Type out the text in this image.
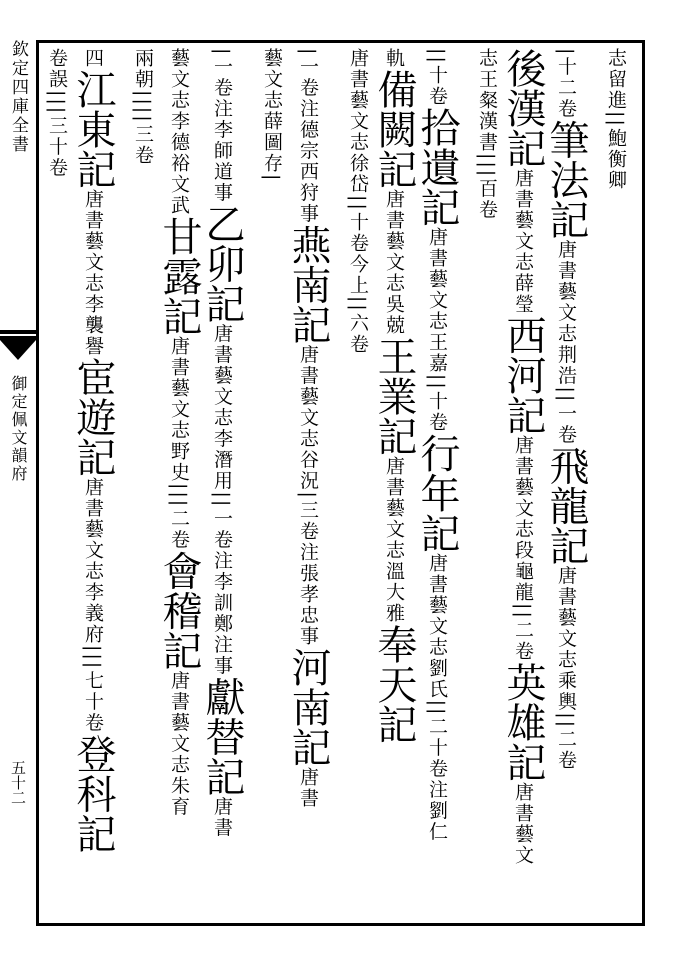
欽定四庫全書
御定佩文韻府
五十二
志留進||鮑衡卿
|十二卷筆法記唐書藝文志荆浩||一卷飛龍記唐書藝文志乘輿||二卷
後漢記唐書藝文志薛瑩西河記唐書藝文志段龜龍||二卷英雄記唐書藝文
志王粲漢書|||百卷
||十卷拾遺記唐書藝文志王嘉||十卷行年記唐書藝文志劉氏||二十卷注劉仁
軌備闕記唐書藝文志吳兢王業記唐書藝文志溫大雅奉天記
唐書藝文志徐岱||十卷今上||六卷
|一卷注德宗西狩事燕南記唐書藝文志谷況|三卷注張孝忠事河南記唐書
藝文志薛圖存|
|一卷注李師道事乙卯記唐書藝文志李潛用||一卷注李訓鄭注事獻替記唐書
藝文志李德裕文武甘露記唐書藝文志野史|||二卷會稽記唐書藝文志朱育
兩朝||||三卷
四江東記唐書藝文志李襲譽宦遊記唐書藝文志李義府|||七十卷登科記
卷誤|||三十卷
